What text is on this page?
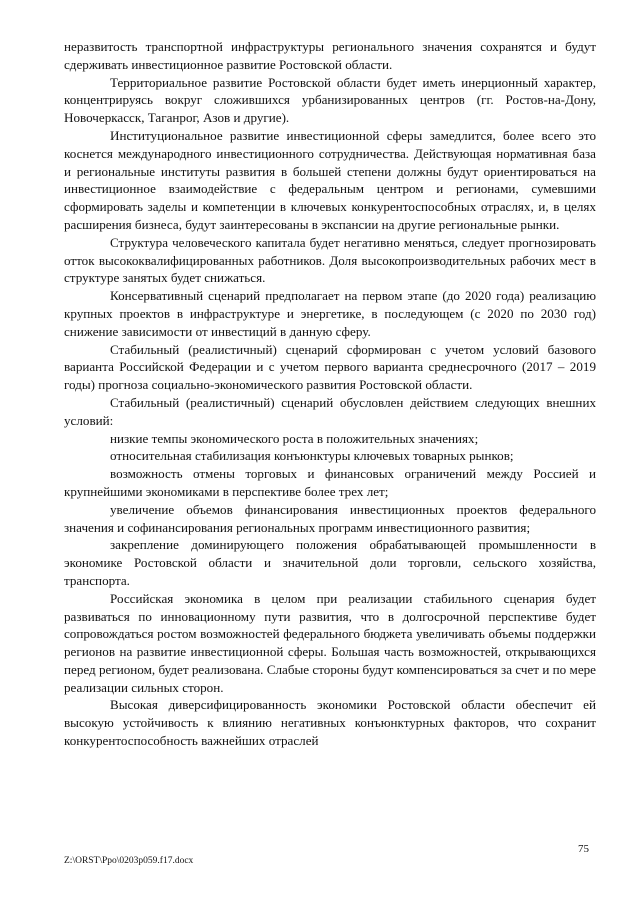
неразвитость транспортной инфраструктуры регионального значения сохранятся и будут сдерживать инвестиционное развитие Ростовской области.

Территориальное развитие Ростовской области будет иметь инерционный характер, концентрируясь вокруг сложившихся урбанизированных центров (гг. Ростов-на-Дону, Новочеркасск, Таганрог, Азов и другие).

Институциональное развитие инвестиционной сферы замедлится, более всего это коснется международного инвестиционного сотрудничества. Действующая нормативная база и региональные институты развития в большей степени должны будут ориентироваться на инвестиционное взаимодействие с федеральным центром и регионами, сумевшими сформировать заделы и компетенции в ключевых конкурентоспособных отраслях, и, в целях расширения бизнеса, будут заинтересованы в экспансии на другие региональные рынки.

Структура человеческого капитала будет негативно меняться, следует прогнозировать отток высококвалифицированных работников. Доля высокопроизводительных рабочих мест в структуре занятых будет снижаться.

Консервативный сценарий предполагает на первом этапе (до 2020 года) реализацию крупных проектов в инфраструктуре и энергетике, в последующем (с 2020 по 2030 год) снижение зависимости от инвестиций в данную сферу.

Стабильный (реалистичный) сценарий сформирован с учетом условий базового варианта Российской Федерации и с учетом первого варианта среднесрочного (2017 – 2019 годы) прогноза социально-экономического развития Ростовской области.

Стабильный (реалистичный) сценарий обусловлен действием следующих внешних условий:

низкие темпы экономического роста в положительных значениях;

относительная стабилизация конъюнктуры ключевых товарных рынков;

возможность отмены торговых и финансовых ограничений между Россией и крупнейшими экономиками в перспективе более трех лет;

увеличение объемов финансирования инвестиционных проектов федерального значения и софинансирования региональных программ инвестиционного развития;

закрепление доминирующего положения обрабатывающей промышленности в экономике Ростовской области и значительной доли торговли, сельского хозяйства, транспорта.

Российская экономика в целом при реализации стабильного сценария будет развиваться по инновационному пути развития, что в долгосрочной перспективе будет сопровождаться ростом возможностей федерального бюджета увеличивать объемы поддержки регионов на развитие инвестиционной сферы. Большая часть возможностей, открывающихся перед регионом, будет реализована. Слабые стороны будут компенсироваться за счет и по мере реализации сильных сторон.

Высокая диверсифицированность экономики Ростовской области обеспечит ей высокую устойчивость к влиянию негативных конъюнктурных факторов, что сохранит конкурентоспособность важнейших отраслей

75
Z:\ORST\Ppo\0203p059.f17.docx
